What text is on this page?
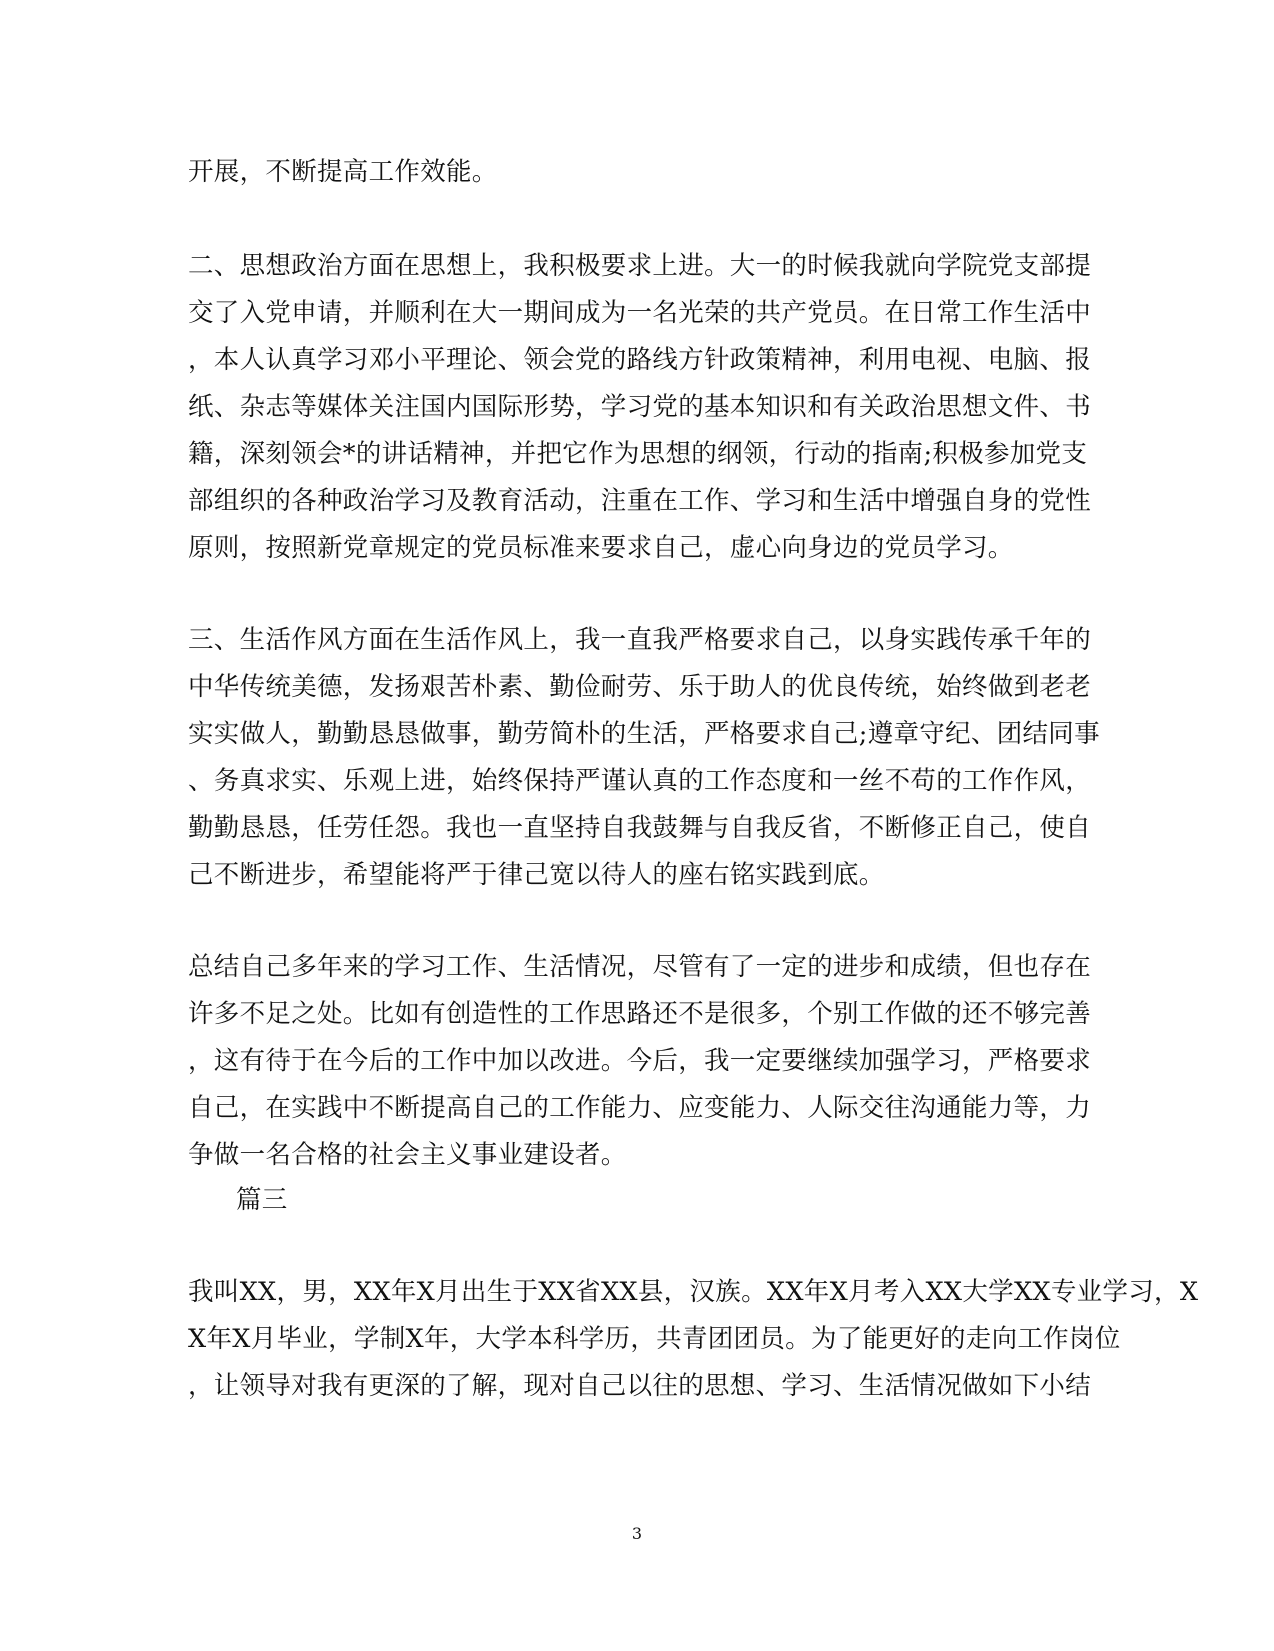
开展，不断提高工作效能。
二、思想政治方面在思想上，我积极要求上进。大一的时候我就向学院党支部提
交了入党申请，并顺利在大一期间成为一名光荣的共产党员。在日常工作生活中
，本人认真学习邓小平理论、领会党的路线方针政策精神，利用电视、电脑、报
纸、杂志等媒体关注国内国际形势，学习党的基本知识和有关政治思想文件、书
籍，深刻领会*的讲话精神，并把它作为思想的纲领，行动的指南;积极参加党支
部组织的各种政治学习及教育活动，注重在工作、学习和生活中增强自身的党性
原则，按照新党章规定的党员标准来要求自己，虚心向身边的党员学习。
三、生活作风方面在生活作风上，我一直我严格要求自己，以身实践传承千年的
中华传统美德，发扬艰苦朴素、勤俭耐劳、乐于助人的优良传统，始终做到老老
实实做人，勤勤恳恳做事，勤劳简朴的生活，严格要求自己;遵章守纪、团结同事
、务真求实、乐观上进，始终保持严谨认真的工作态度和一丝不苟的工作作风，
勤勤恳恳，任劳任怨。我也一直坚持自我鼓舞与自我反省，不断修正自己，使自
己不断进步，希望能将严于律己宽以待人的座右铭实践到底。
总结自己多年来的学习工作、生活情况，尽管有了一定的进步和成绩，但也存在
许多不足之处。比如有创造性的工作思路还不是很多，个别工作做的还不够完善
，这有待于在今后的工作中加以改进。今后，我一定要继续加强学习，严格要求
自己，在实践中不断提高自己的工作能力、应变能力、人际交往沟通能力等，力
争做一名合格的社会主义事业建设者。
篇三
我叫XX，男，XX年X月出生于XX省XX县，汉族。XX年X月考入XX大学XX专业学习，X
X年X月毕业，学制X年，大学本科学历，共青团团员。为了能更好的走向工作岗位
，让领导对我有更深的了解，现对自己以往的思想、学习、生活情况做如下小结
3
